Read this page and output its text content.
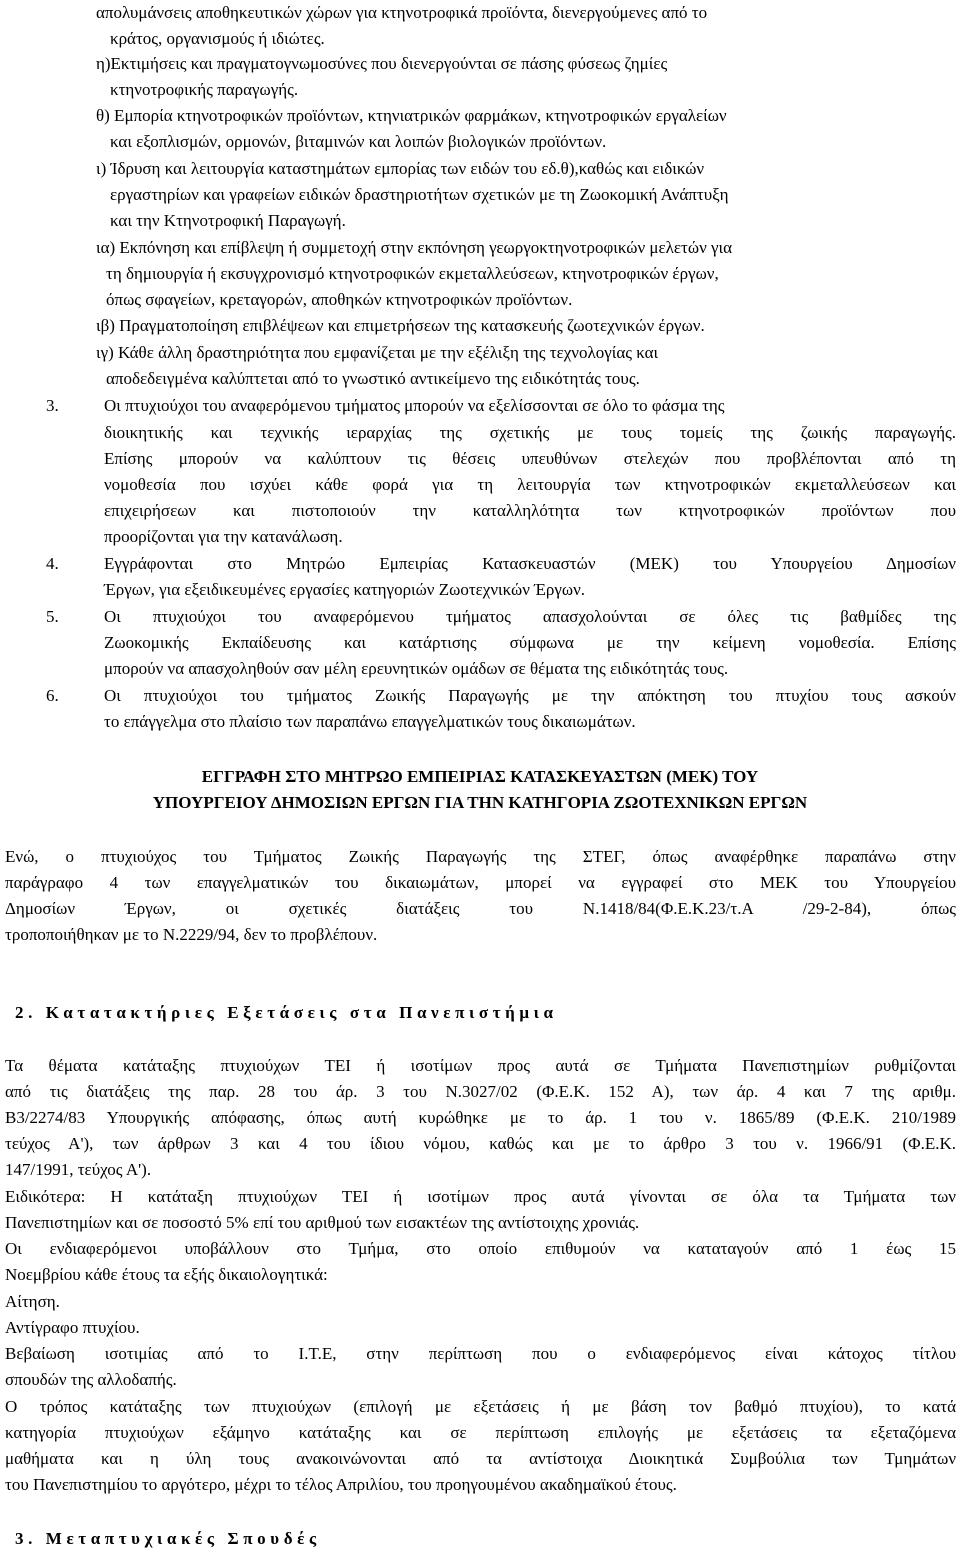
απολυμάνσεις αποθηκευτικών χώρων για κτηνοτροφικά προϊόντα, διενεργούμενες από το
κράτος, οργανισμούς ή ιδιώτες.
η)Εκτιμήσεις και πραγματογνωμοσύνες που διενεργούνται σε πάσης φύσεως ζημίες
κτηνοτροφικής παραγωγής.
θ) Εμπορία κτηνοτροφικών προϊόντων, κτηνιατρικών φαρμάκων, κτηνοτροφικών εργαλείων
και εξοπλισμών, ορμονών, βιταμινών και λοιπών βιολογικών προϊόντων.
ι) Ίδρυση και λειτουργία καταστημάτων εμπορίας των ειδών του εδ.θ),καθώς και ειδικών
εργαστηρίων και γραφείων ειδικών δραστηριοτήτων σχετικών με τη Ζωοκομική Ανάπτυξη
και την Κτηνοτροφική Παραγωγή.
ια) Εκπόνηση και επίβλεψη ή συμμετοχή στην εκπόνηση γεωργοκτηνοτροφικών μελετών για
τη δημιουργία ή εκσυγχρονισμό κτηνοτροφικών εκμεταλλεύσεων, κτηνοτροφικών έργων,
όπως σφαγείων, κρεταγορών, αποθηκών κτηνοτροφικών προϊόντων.
ιβ) Πραγματοποίηση επιβλέψεων και επιμετρήσεων της κατασκευής ζωοτεχνικών έργων.
ιγ) Κάθε άλλη δραστηριότητα που εμφανίζεται με την εξέλιξη της τεχνολογίας και
αποδεδειγμένα καλύπτεται από το γνωστικό αντικείμενο της ειδικότητάς τους.
3.	Οι πτυχιούχοι του αναφερόμενου τμήματος μπορούν να εξελίσσονται σε όλο το φάσμα της
διοικητικής και τεχνικής ιεραρχίας της σχετικής με τους τομείς της ζωικής παραγωγής.
Επίσης μπορούν να καλύπτουν τις θέσεις υπευθύνων στελεχών που προβλέπονται από τη
νομοθεσία που ισχύει κάθε φορά για τη λειτουργία των κτηνοτροφικών εκμεταλλεύσεων και
επιχειρήσεων και πιστοποιούν την καταλληλότητα των κτηνοτροφικών προϊόντων που
προορίζονται για την κατανάλωση.
4.	Εγγράφονται στο Μητρώο Εμπειρίας Κατασκευαστών (ΜΕΚ) του Υπουργείου Δημοσίων
Έργων, για εξειδικευμένες εργασίες κατηγοριών Ζωοτεχνικών Έργων.
5.	Οι πτυχιούχοι του αναφερόμενου τμήματος απασχολούνται σε όλες τις βαθμίδες της
Ζωοκομικής Εκπαίδευσης και κατάρτισης σύμφωνα με την κείμενη νομοθεσία. Επίσης
μπορούν να απασχοληθούν σαν μέλη ερευνητικών ομάδων σε θέματα της ειδικότητάς τους.
6.	Οι πτυχιούχοι του τμήματος Ζωικής Παραγωγής με την απόκτηση του πτυχίου τους ασκούν
το επάγγελμα στο πλαίσιο των παραπάνω επαγγελματικών τους δικαιωμάτων.
ΕΓΓΡΑΦΗ ΣΤΟ ΜΗΤΡΩΟ ΕΜΠΕΙΡΙΑΣ ΚΑΤΑΣΚΕΥΑΣΤΩΝ (ΜΕΚ) ΤΟΥ
ΥΠΟΥΡΓΕΙΟΥ ΔΗΜΟΣΙΩΝ ΕΡΓΩΝ ΓΙΑ ΤΗΝ ΚΑΤΗΓΟΡΙΑ ΖΩΟΤΕΧΝΙΚΩΝ ΕΡΓΩΝ
Ενώ, ο πτυχιούχος του Τμήματος Ζωικής Παραγωγής της ΣΤΕΓ, όπως αναφέρθηκε παραπάνω στην
παράγραφο 4 των επαγγελματικών του δικαιωμάτων, μπορεί να εγγραφεί στο ΜΕΚ του Υπουργείου
Δημοσίων Έργων, οι σχετικές διατάξεις του Ν.1418/84(Φ.Ε.Κ.23/τ.Α /29-2-84), όπως
τροποποιήθηκαν με το Ν.2229/94, δεν το προβλέπουν.
2. Κατατακτήριες Εξετάσεις στα Πανεπιστήμια
Τα θέματα κατάταξης πτυχιούχων ΤΕΙ ή ισοτίμων προς αυτά σε Τμήματα Πανεπιστημίων ρυθμίζονται
από τις διατάξεις της παρ. 28 του άρ. 3 του Ν.3027/02 (Φ.Ε.Κ. 152 Α), των άρ. 4 και 7 της αριθμ.
Β3/2274/83 Υπουργικής απόφασης, όπως αυτή κυρώθηκε με το άρ. 1 του ν. 1865/89 (Φ.Ε.Κ. 210/1989
τεύχος Α'), των άρθρων 3 και 4 του ίδιου νόμου, καθώς και με το άρθρο 3 του ν. 1966/91 (Φ.Ε.Κ.
147/1991, τεύχος Α').
Ειδικότερα: Η κατάταξη πτυχιούχων ΤΕΙ ή ισοτίμων προς αυτά γίνονται σε όλα τα Τμήματα των
Πανεπιστημίων και σε ποσοστό 5% επί του αριθμού των εισακτέων της αντίστοιχης χρονιάς.
Οι ενδιαφερόμενοι υποβάλλουν στο Τμήμα, στο οποίο επιθυμούν να καταταγούν από 1 έως 15
Νοεμβρίου κάθε έτους τα εξής δικαιολογητικά:
Αίτηση.
Αντίγραφο πτυχίου.
Βεβαίωση ισοτιμίας από το Ι.Τ.Ε, στην περίπτωση που ο ενδιαφερόμενος είναι κάτοχος τίτλου
σπουδών της αλλοδαπής.
Ο τρόπος κατάταξης των πτυχιούχων (επιλογή με εξετάσεις ή με βάση τον βαθμό πτυχίου), το κατά
κατηγορία πτυχιούχων εξάμηνο κατάταξης και σε περίπτωση επιλογής με εξετάσεις τα εξεταζόμενα
μαθήματα και η ύλη τους ανακοινώνονται από τα αντίστοιχα Διοικητικά Συμβούλια των Τμημάτων
του Πανεπιστημίου το αργότερο, μέχρι το τέλος Απριλίου, του προηγουμένου ακαδημαϊκού έτους.
3. Μεταπτυχιακές Σπουδές
